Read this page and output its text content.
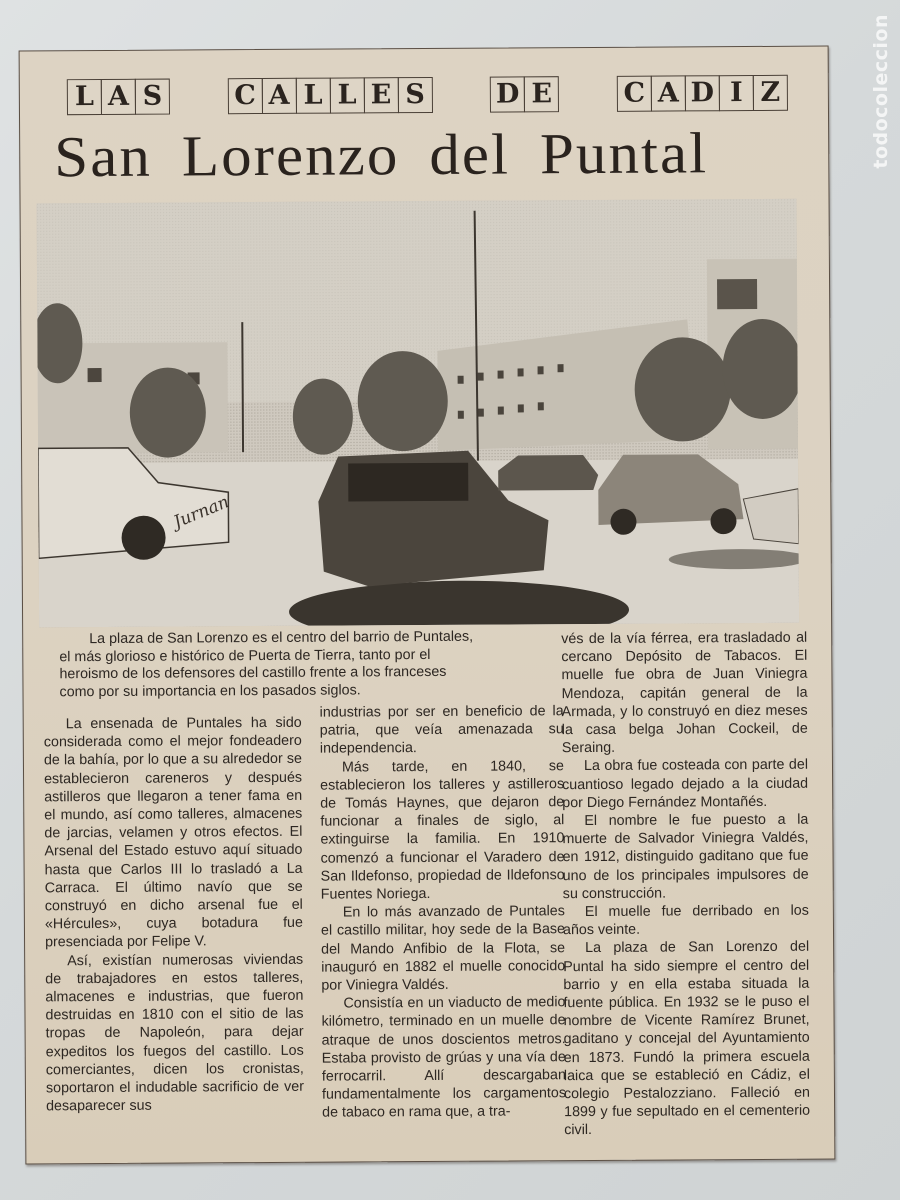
todocoleccion
L A S	C A L L E S	D E	C A D I Z
San Lorenzo del Puntal
Jurnan
La plaza de San Lorenzo es el centro del barrio de Puntales,
el más glorioso e histórico de Puerta de Tierra, tanto por el
heroismo de los defensores del castillo frente a los franceses
como por su importancia en los pasados siglos.

La ensenada de Puntales ha sido considerada como el mejor fondeadero de la bahía, por lo que a su alrededor se establecieron careneros y después astilleros que llegaron a tener fama en el mundo, así como talleres, almacenes de jarcias, velamen y otros efectos. El Arsenal del Estado estuvo aquí situado hasta que Carlos III lo trasladó a La Carraca. El último navío que se construyó en dicho arsenal fue el «Hércules», cuya botadura fue presenciada por Felipe V.

Así, existían numerosas viviendas de trabajadores en estos talleres, almacenes e industrias, que fueron destruidas en 1810 con el sitio de las tropas de Napoleón, para dejar expeditos los fuegos del castillo. Los comerciantes, dicen los cronistas, soportaron el indudable sacrificio de ver desaparecer sus

industrias por ser en beneficio de la patria, que veía amenazada su independencia.

Más tarde, en 1840, se establecieron los talleres y astilleros de Tomás Haynes, que dejaron de funcionar a finales de siglo, al extinguirse la familia. En 1910 comenzó a funcionar el Varadero de San Ildefonso, propiedad de Ildefonso Fuentes Noriega.

En lo más avanzado de Puntales el castillo militar, hoy sede de la Base del Mando Anfibio de la Flota, se inauguró en 1882 el muelle conocido por Viniegra Valdés.

Consistía en un viaducto de medio kilómetro, terminado en un muelle de atraque de unos doscientos metros. Estaba provisto de grúas y una vía de ferrocarril. Allí descargaban fundamentalmente los cargamentos de tabaco en rama que, a tra-

vés de la vía férrea, era trasladado al cercano Depósito de Tabacos. El muelle fue obra de Juan Viniegra Mendoza, capitán general de la Armada, y lo construyó en diez meses la casa belga Johan Cockeil, de Seraing.

La obra fue costeada con parte del cuantioso legado dejado a la ciudad por Diego Fernández Montañés.

El nombre le fue puesto a la muerte de Salvador Viniegra Valdés, en 1912, distinguido gaditano que fue uno de los principales impulsores de su construcción.

El muelle fue derribado en los años veinte.

La plaza de San Lorenzo del Puntal ha sido siempre el centro del barrio y en ella estaba situada la fuente pública. En 1932 se le puso el nombre de Vicente Ramírez Brunet, gaditano y concejal del Ayuntamiento en 1873. Fundó la primera escuela laica que se estableció en Cádiz, el colegio Pestalozziano. Falleció en 1899 y fue sepultado en el cementerio civil.
